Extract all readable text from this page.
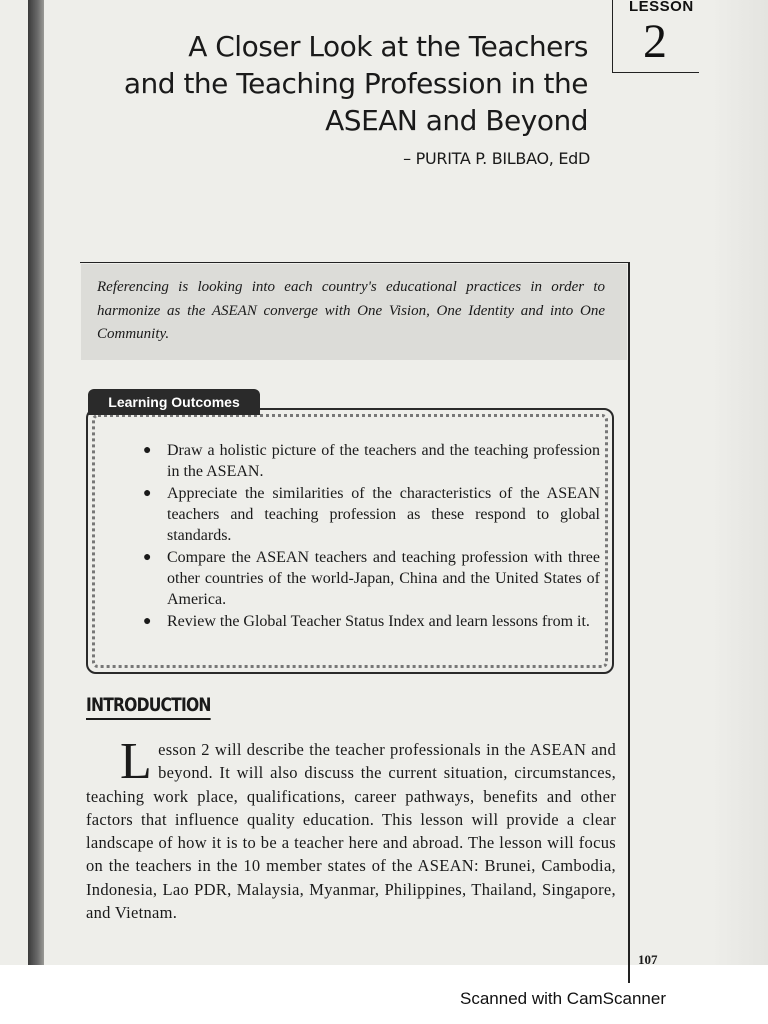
LESSON
2
A Closer Look at the Teachers
and the Teaching Profession in the
ASEAN and Beyond
– PURITA P. BILBAO, EdD
Referencing is looking into each country's educational practices in order to harmonize as the ASEAN converge with One Vision, One Identity and into One Community.
● Draw a holistic picture of the teachers and the teaching profession in the ASEAN.
● Appreciate the similarities of the characteristics of the ASEAN teachers and teaching profession as these respond to global standards.
● Compare the ASEAN teachers and teaching profession with three other countries of the world-Japan, China and the United States of America.
● Review the Global Teacher Status Index and learn lessons from it.
Learning Outcomes
INTRODUCTION
Lesson 2 will describe the teacher professionals in the ASEAN and beyond. It will also discuss the current situation, circumstances, teaching work place, qualifications, career pathways, benefits and other factors that influence quality education. This lesson will provide a clear landscape of how it is to be a teacher here and abroad. The lesson will focus on the teachers in the 10 member states of the ASEAN: Brunei, Cambodia, Indonesia, Lao PDR, Malaysia, Myanmar, Philippines, Thailand, Singapore, and Vietnam.
107
Scanned with CamScanner
